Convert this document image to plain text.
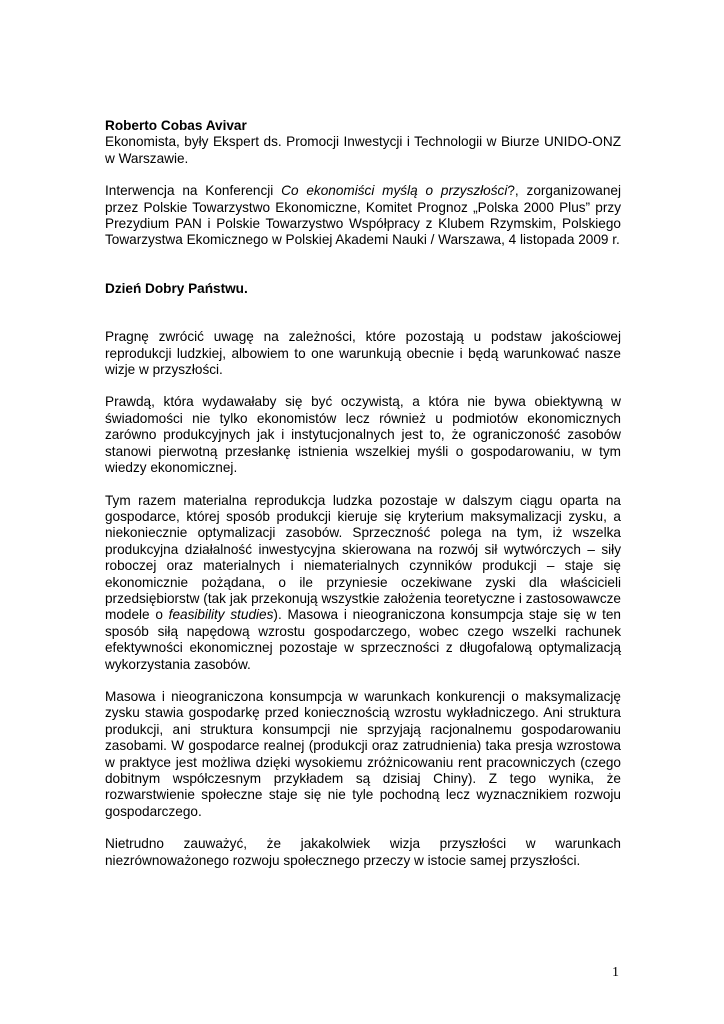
Roberto Cobas Avivar

Ekonomista, były Ekspert ds. Promocji Inwestycji i Technologii w Biurze UNIDO-ONZ w Warszawie.

Interwencja na Konferencji Co ekonomiści myślą o przyszłości?, zorganizowanej przez Polskie Towarzystwo Ekonomiczne, Komitet Prognoz „Polska 2000 Plus” przy Prezydium PAN i Polskie Towarzystwo Współpracy z Klubem Rzymskim, Polskiego Towarzystwa Ekomicznego w Polskiej Akademi Nauki / Warszawa, 4 listopada 2009 r.

Dzień Dobry Państwu.

Pragnę zwrócić uwagę na zależności, które pozostają u podstaw jakościowej reprodukcji ludzkiej, albowiem to one warunkują obecnie i będą warunkować nasze wizje w przyszłości.

Prawdą, która wydawałaby się być oczywistą, a która nie bywa obiektywną w świadomości nie tylko ekonomistów lecz również u podmiotów ekonomicznych zarówno produkcyjnych jak i instytucjonalnych jest to, że ograniczoność zasobów stanowi pierwotną przesłankę istnienia wszelkiej myśli o gospodarowaniu, w tym wiedzy ekonomicznej.

Tym razem materialna reprodukcja ludzka pozostaje w dalszym ciągu oparta na gospodarce, której sposób produkcji kieruje się kryterium maksymalizacji zysku, a niekoniecznie optymalizacji zasobów. Sprzeczność polega na tym, iż wszelka produkcyjna działalność inwestycyjna skierowana na rozwój sił wytwórczych – siły roboczej oraz materialnych i niematerialnych czynników produkcji – staje się ekonomicznie pożądana, o ile przyniesie oczekiwane zyski dla właścicieli przedsiębiorstw (tak jak przekonują wszystkie założenia teoretyczne i zastosowawcze modele o feasibility studies). Masowa i nieograniczona konsumpcja staje się w ten sposób siłą napędową wzrostu gospodarczego, wobec czego wszelki rachunek efektywności ekonomicznej pozostaje w sprzeczności z długofalową optymalizacją wykorzystania zasobów.

Masowa i nieograniczona konsumpcja w warunkach konkurencji o maksymalizację zysku stawia gospodarkę przed koniecznością wzrostu wykładniczego. Ani struktura produkcji, ani struktura konsumpcji nie sprzyjają racjonalnemu gospodarowaniu zasobami. W gospodarce realnej (produkcji oraz zatrudnienia) taka presja wzrostowa w praktyce jest możliwa dzięki wysokiemu zróżnicowaniu rent pracowniczych (czego dobitnym współczesnym przykładem są dzisiaj Chiny). Z tego wynika, że rozwarstwienie społeczne staje się nie tyle pochodną lecz wyznacznikiem rozwoju gospodarczego.

Nietrudno zauważyć, że jakakolwiek wizja przyszłości w warunkach niezrównoważonego rozwoju społecznego przeczy w istocie samej przyszłości.

1
